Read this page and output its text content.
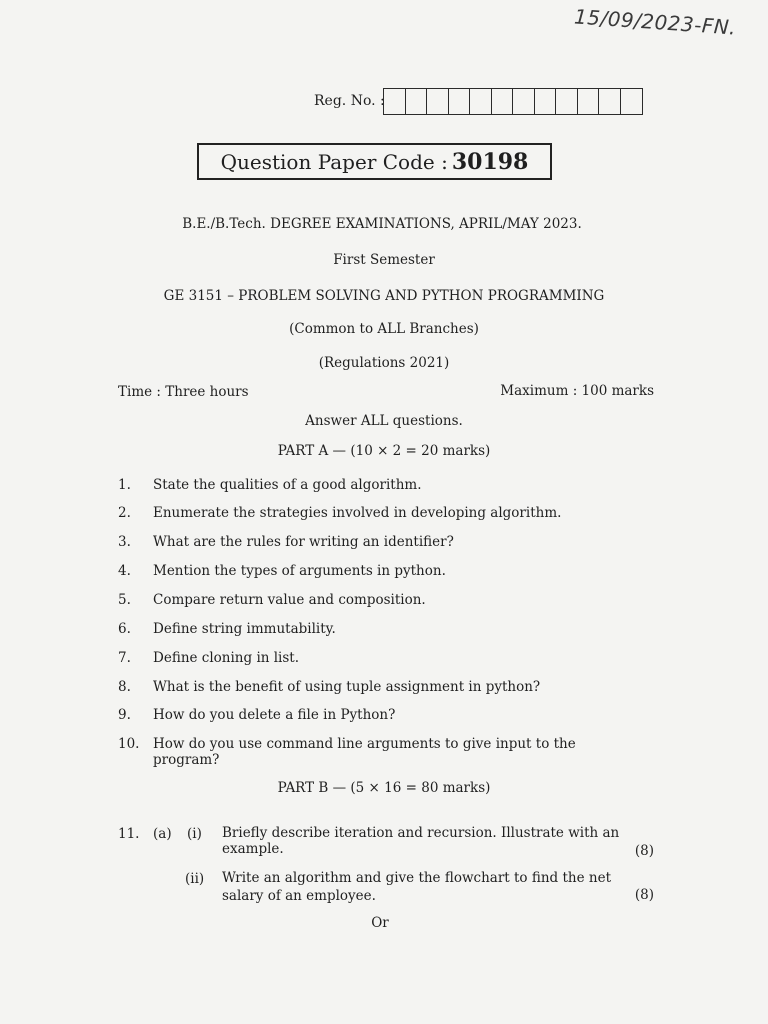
15/09/2023-FN.
Reg. No. :
Question Paper Code : 30198
B.E./B.Tech. DEGREE EXAMINATIONS, APRIL/MAY 2023.
First Semester
GE 3151 – PROBLEM SOLVING AND PYTHON PROGRAMMING
(Common to ALL Branches)
(Regulations 2021)
Time : Three hours	Maximum : 100 marks
Answer ALL questions.
PART A — (10 × 2 = 20 marks)
1.	State the qualities of a good algorithm.
2.	Enumerate the strategies involved in developing algorithm.
3.	What are the rules for writing an identifier?
4.	Mention the types of arguments in python.
5.	Compare return value and composition.
6.	Define string immutability.
7.	Define cloning in list.
8.	What is the benefit of using tuple assignment in python?
9.	How do you delete a file in Python?
10.	How do you use command line arguments to give input to the program?
PART B — (5 × 16 = 80 marks)
11. (a) (i) Briefly describe iteration and recursion. Illustrate with an example.	(8)
(ii) Write an algorithm and give the flowchart to find the net salary of an employee.	(8)
Or
